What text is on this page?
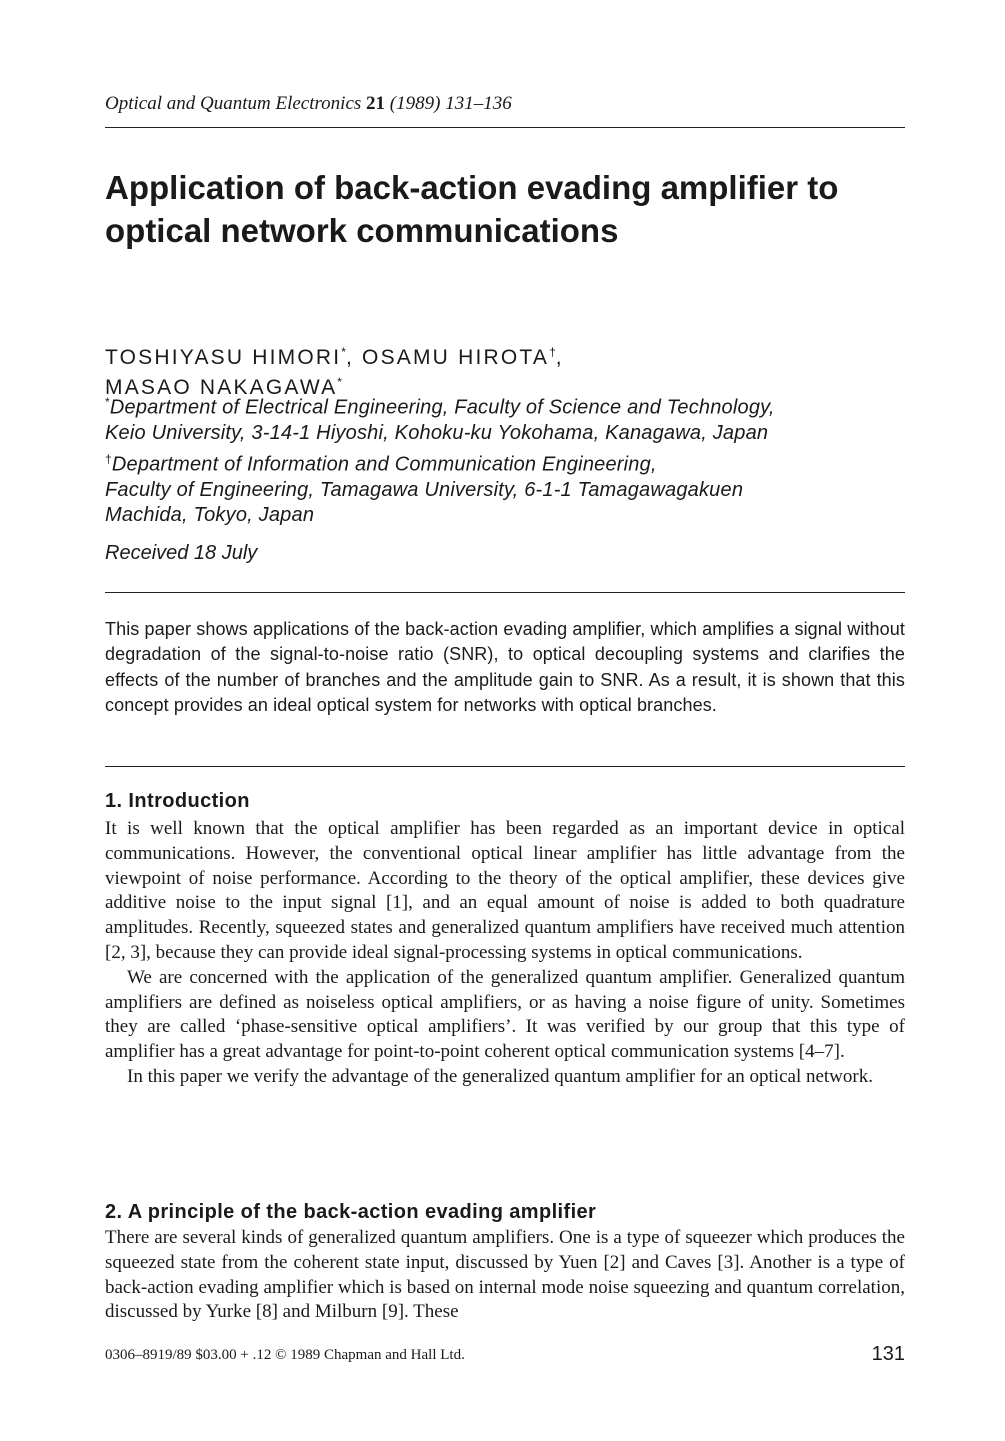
Optical and Quantum Electronics 21 (1989) 131–136
Application of back-action evading amplifier to optical network communications
TOSHIYASU HIMORI*, OSAMU HIROTA†,
MASAO NAKAGAWA*
*Department of Electrical Engineering, Faculty of Science and Technology,
Keio University, 3-14-1 Hiyoshi, Kohoku-ku Yokohama, Kanagawa, Japan
†Department of Information and Communication Engineering,
Faculty of Engineering, Tamagawa University, 6-1-1 Tamagawagakuen
Machida, Tokyo, Japan
Received 18 July
This paper shows applications of the back-action evading amplifier, which amplifies a signal without degradation of the signal-to-noise ratio (SNR), to optical decoupling systems and clarifies the effects of the number of branches and the amplitude gain to SNR. As a result, it is shown that this concept provides an ideal optical system for networks with optical branches.
1. Introduction

It is well known that the optical amplifier has been regarded as an important device in optical communications. However, the conventional optical linear amplifier has little advantage from the viewpoint of noise performance. According to the theory of the optical amplifier, these devices give additive noise to the input signal [1], and an equal amount of noise is added to both quadrature amplitudes. Recently, squeezed states and generalized quantum amplifiers have received much attention [2, 3], because they can provide ideal signal-processing systems in optical communications.

We are concerned with the application of the generalized quantum amplifier. Generalized quantum amplifiers are defined as noiseless optical amplifiers, or as having a noise figure of unity. Sometimes they are called ‘phase-sensitive optical amplifiers’. It was verified by our group that this type of amplifier has a great advantage for point-to-point coherent optical communication systems [4–7].

In this paper we verify the advantage of the generalized quantum amplifier for an optical network.

2. A principle of the back-action evading amplifier

There are several kinds of generalized quantum amplifiers. One is a type of squeezer which produces the squeezed state from the coherent state input, discussed by Yuen [2] and Caves [3]. Another is a type of back-action evading amplifier which is based on internal mode noise squeezing and quantum correlation, discussed by Yurke [8] and Milburn [9]. These

0306–8919/89 $03.00 + .12 © 1989 Chapman and Hall Ltd.	131
